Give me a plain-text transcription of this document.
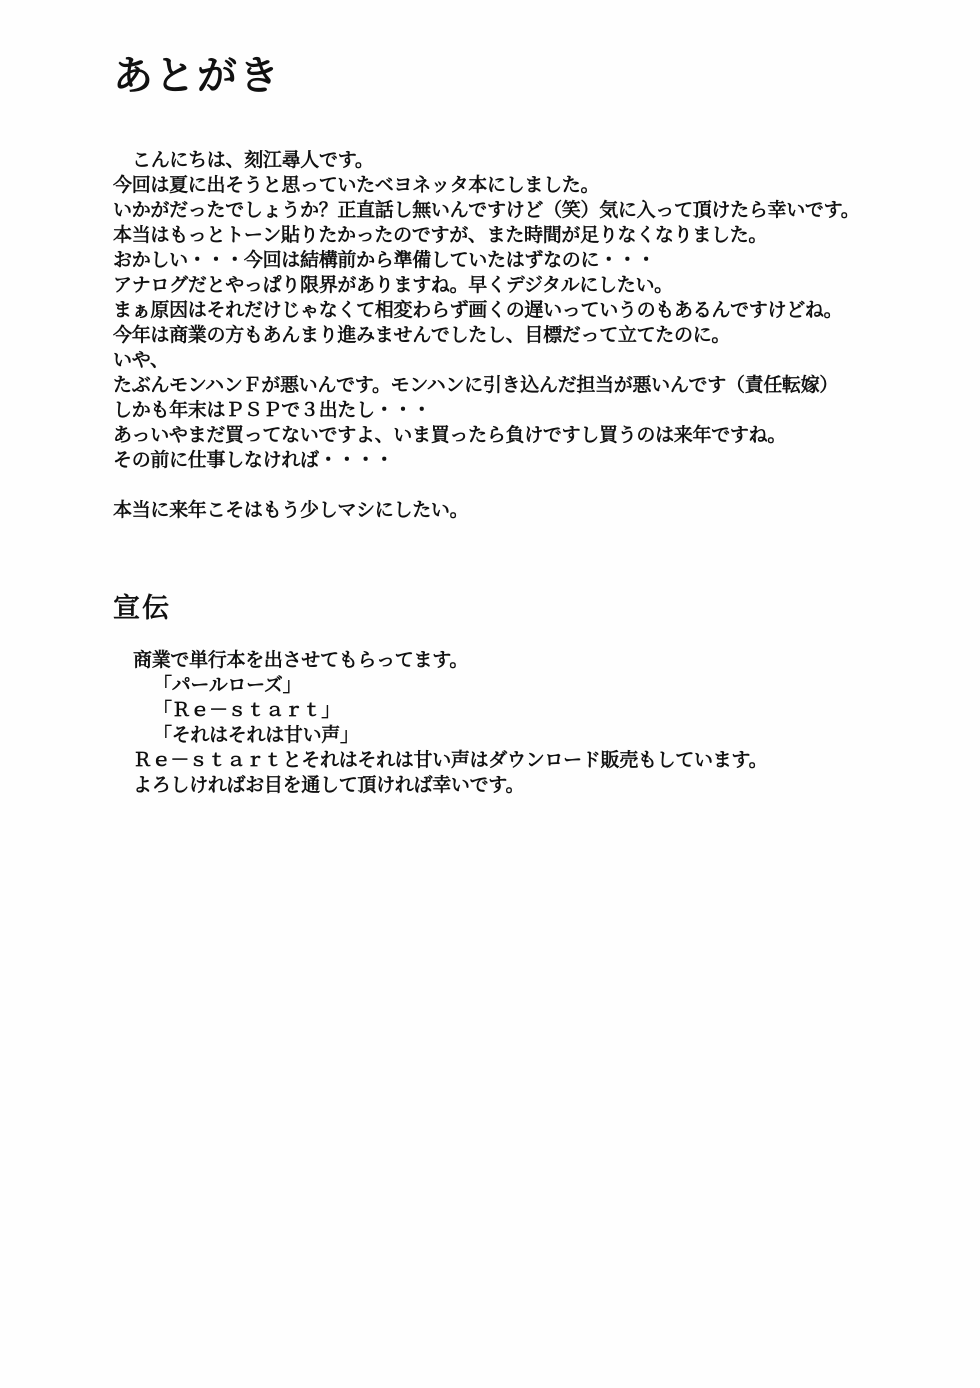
あとがき
こんにちは、刻江尋人です。
今回は夏に出そうと思っていたベヨネッタ本にしました。
いかがだったでしょうか？正直話し無いんですけど（笑）気に入って頂けたら幸いです。
本当はもっとトーン貼りたかったのですが、また時間が足りなくなりました。
おかしい・・・今回は結構前から準備していたはずなのに・・・
アナログだとやっぱり限界がありますね。早くデジタルにしたい。
まぁ原因はそれだけじゃなくて相変わらず画くの遅いっていうのもあるんですけどね。
今年は商業の方もあんまり進みませんでしたし、目標だって立てたのに。
いや、
たぶんモンハンＦが悪いんです。モンハンに引き込んだ担当が悪いんです（責任転嫁）
しかも年末はＰＳＰで３出たし・・・
あっいやまだ買ってないですよ、いま買ったら負けですし買うのは来年ですね。
その前に仕事しなければ・・・・
本当に来年こそはもう少しマシにしたい。
宣伝
商業で単行本を出させてもらってます。
「パールローズ」
「Ｒｅ－ｓｔａｒｔ」
「それはそれは甘い声」
Ｒｅ－ｓｔａｒｔとそれはそれは甘い声はダウンロード販売もしています。
よろしければお目を通して頂ければ幸いです。
